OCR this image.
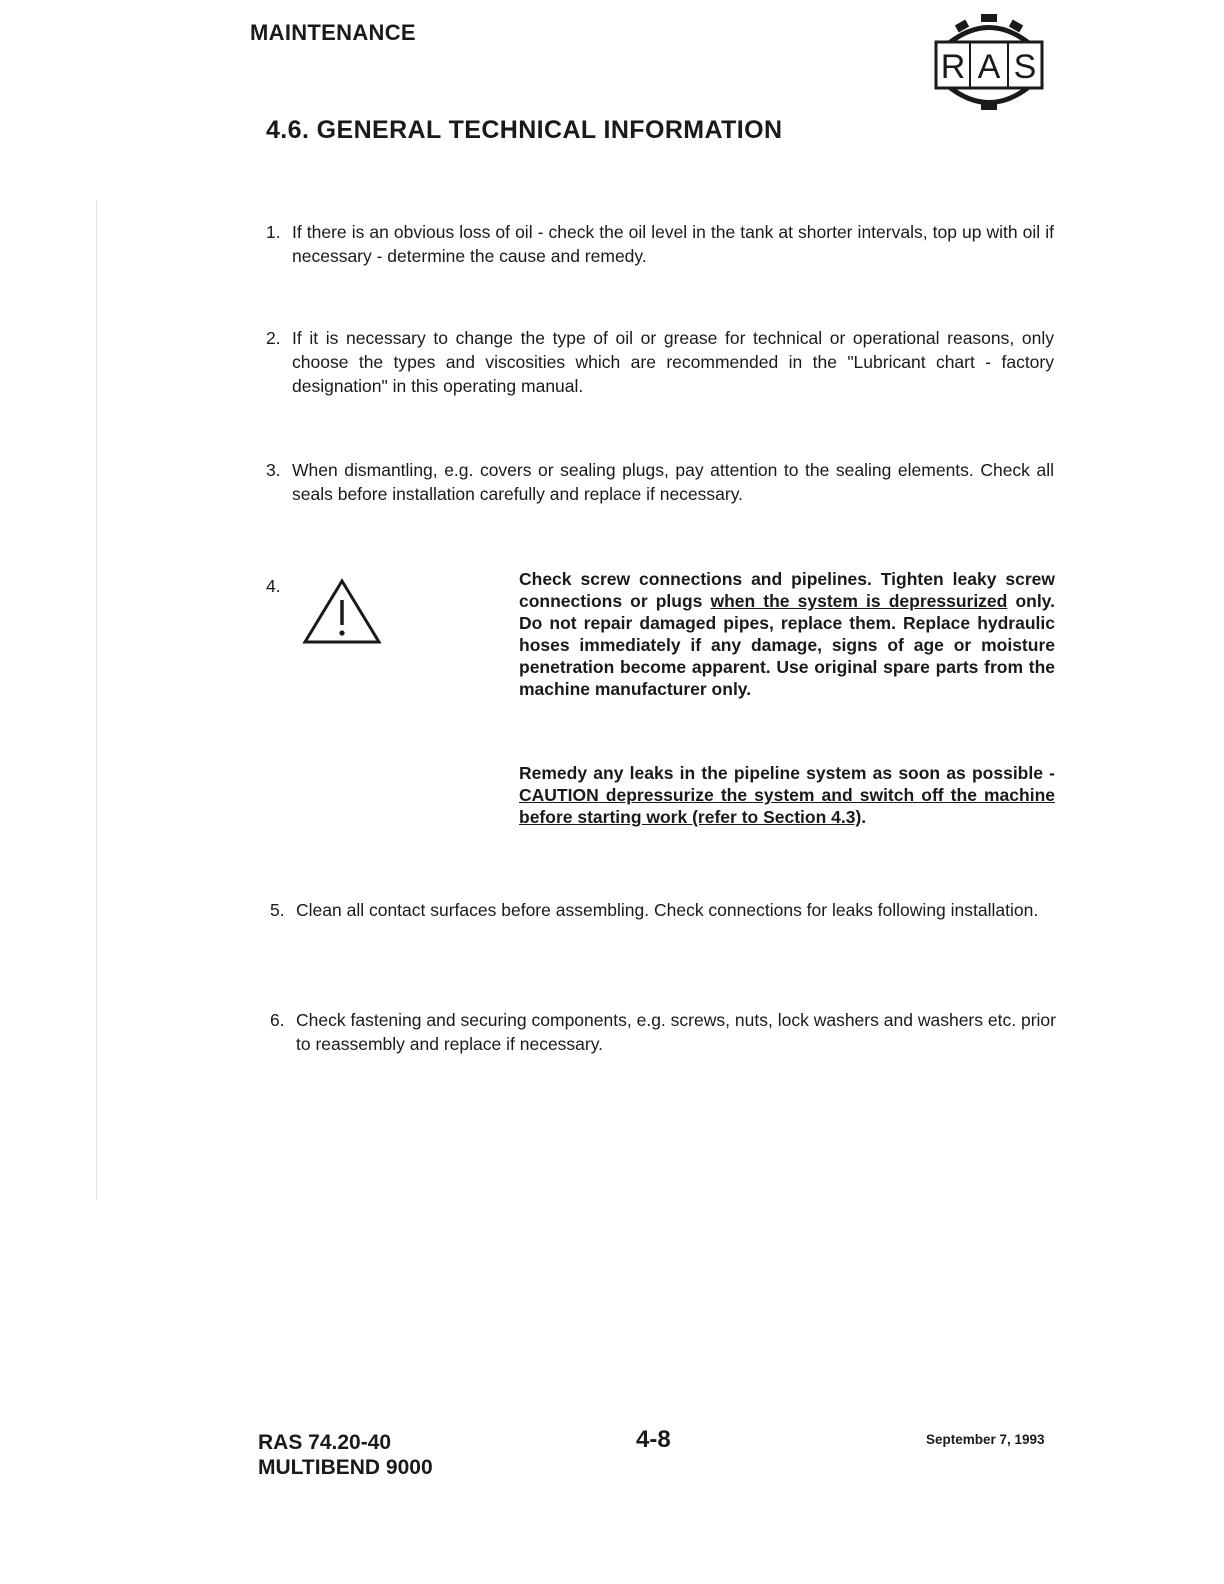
MAINTENANCE
R A S
4.6. GENERAL TECHNICAL INFORMATION
1. If there is an obvious loss of oil - check the oil level in the tank at shorter intervals, top up with oil if necessary - determine the cause and remedy.
2. If it is necessary to change the type of oil or grease for technical or operational reasons, only choose the types and viscosities which are recommended in the "Lubricant chart - factory designation" in this operating manual.
3. When dismantling, e.g. covers or sealing plugs, pay attention to the sealing elements. Check all seals before installation carefully and replace if necessary.
4.	Check screw connections and pipelines. Tighten leaky screw connections or plugs when the system is depressurized only. Do not repair damaged pipes, replace them. Replace hydraulic hoses immediately if any damage, signs of age or moisture penetration become apparent. Use original spare parts from the machine manufacturer only.
Remedy any leaks in the pipeline system as soon as possible - CAUTION depressurize the system and switch off the machine before starting work (refer to Section 4.3).
5. Clean all contact surfaces before assembling. Check connections for leaks following installation.
6. Check fastening and securing components, e.g. screws, nuts, lock washers and washers etc. prior to reassembly and replace if necessary.
RAS 74.20-40
MULTIBEND 9000
4-8	September 7, 1993
